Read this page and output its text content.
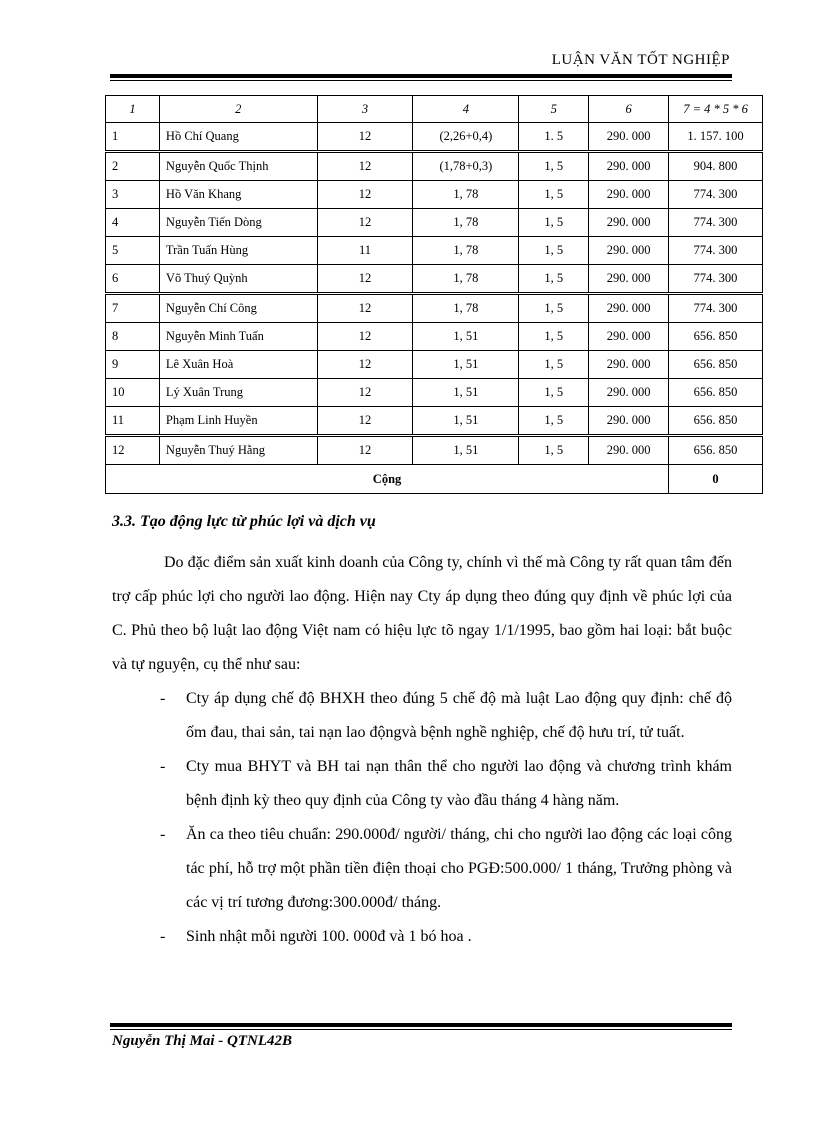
LUẬN VĂN TỐT NGHIỆP
1	2	3	4	5	6	7 = 4 * 5 * 6
1	Hồ Chí Quang	12	(2,26+0,4)	1. 5	290. 000	1. 157. 100
2	Nguyễn Quốc Thịnh	12	(1,78+0,3)	1, 5	290. 000	904. 800
3	Hồ Văn Khang	12	1, 78	1, 5	290. 000	774. 300
4	Nguyễn Tiến Dòng	12	1, 78	1, 5	290. 000	774. 300
5	Trần Tuấn Hùng	11	1, 78	1, 5	290. 000	774. 300
6	Võ Thuý Quỳnh	12	1, 78	1, 5	290. 000	774. 300
7	Nguyễn Chí Công	12	1, 78	1, 5	290. 000	774. 300
8	Nguyễn Minh Tuấn	12	1, 51	1, 5	290. 000	656. 850
9	Lê Xuân Hoà	12	1, 51	1, 5	290. 000	656. 850
10	Lý Xuân Trung	12	1, 51	1, 5	290. 000	656. 850
11	Phạm Linh Huyền	12	1, 51	1, 5	290. 000	656. 850
12	Nguyễn Thuý Hằng	12	1, 51	1, 5	290. 000	656. 850
Cộng						0
3.3. Tạo động lực từ phúc lợi và dịch vụ

Do đặc điểm sản xuất kinh doanh của Công ty, chính vì thế mà Công ty rất quan tâm đến trợ cấp phúc lợi cho người lao động. Hiện nay Cty áp dụng theo đúng quy định về phúc lợi của C. Phủ theo bộ luật lao động Việt nam có hiệu lực tõ ngay 1/1/1995, bao gồm hai loại: bắt buộc và tự nguyện, cụ thể như sau:

- Cty áp dụng chế độ BHXH theo đúng 5 chế độ mà luật Lao động quy định: chế độ ốm đau, thai sản, tai nạn lao độngvà bệnh nghề nghiệp, chế độ hưu trí, tử tuất.
- Cty mua BHYT và BH tai nạn thân thể cho người lao động và chương trình khám bệnh định kỳ theo quy định của Công ty vào đầu tháng 4 hàng năm.
- Ăn ca theo tiêu chuẩn: 290.000đ/ người/ tháng, chi cho người lao động các loại công tác phí, hỗ trợ một phần tiền điện thoại cho PGĐ:500.000/ 1 tháng, Trưởng phòng và các vị trí tương đương:300.000đ/ tháng.
- Sinh nhật mỗi người 100. 000đ và 1 bó hoa .
Nguyễn Thị Mai - QTNL42B
